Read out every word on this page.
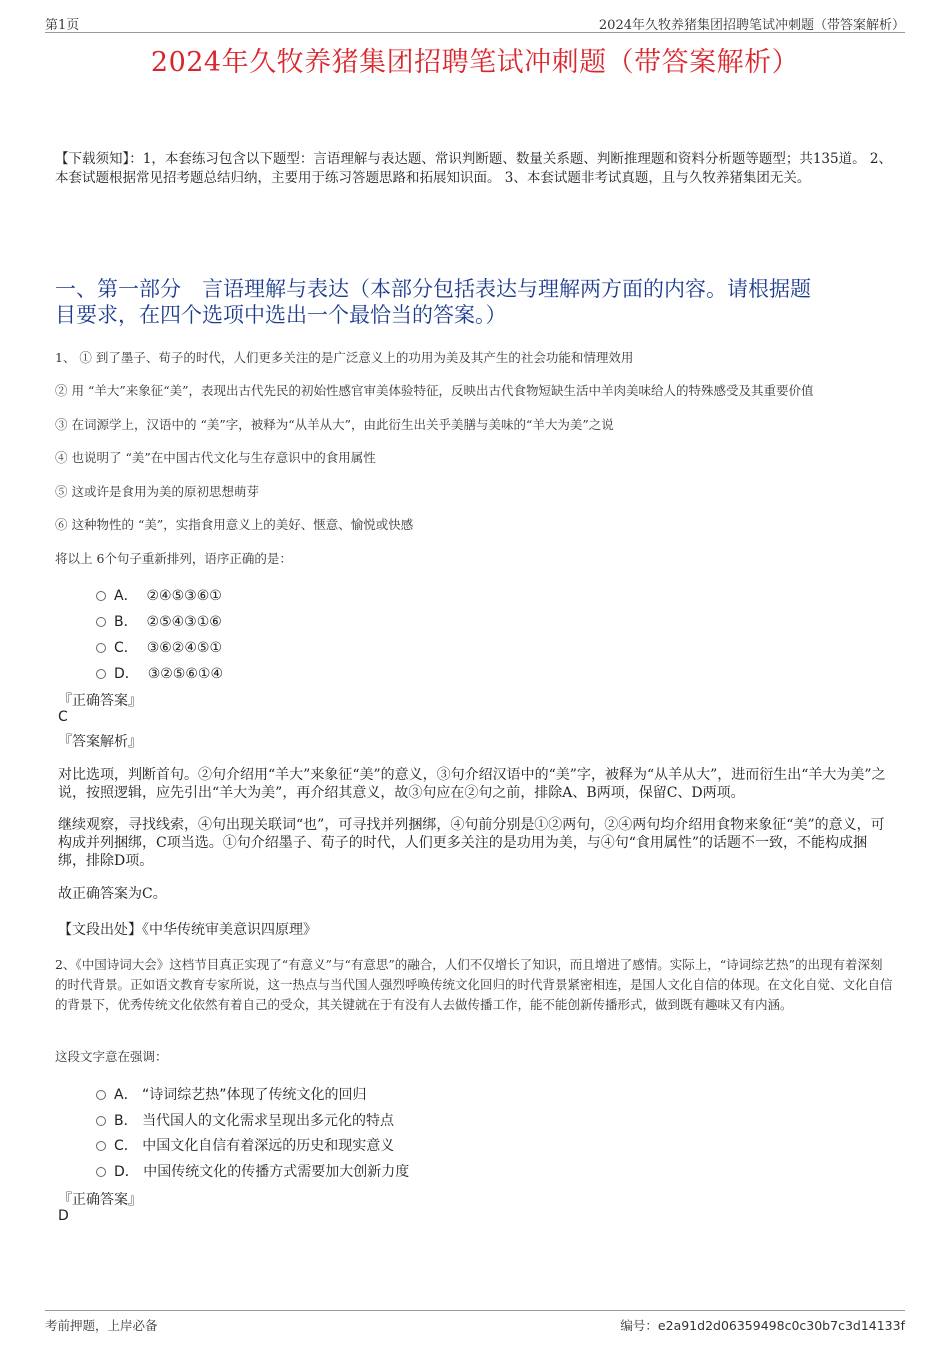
第1页	2024年久牧养猪集团招聘笔试冲刺题（带答案解析）
2024年久牧养猪集团招聘笔试冲刺题（带答案解析）
【下载须知】：1，本套练习包含以下题型：言语理解与表达题、常识判断题、数量关系题、判断推理题和资料分析题等题型；共135道。 2、本套试题根据常见招考题总结归纳，主要用于练习答题思路和拓展知识面。 3、本套试题非考试真题，且与久牧养猪集团无关。
一、第一部分　言语理解与表达（本部分包括表达与理解两方面的内容。请根据题
目要求，在四个选项中选出一个最恰当的答案。）
1、 ① 到了墨子、荀子的时代，人们更多关注的是广泛意义上的功用为美及其产生的社会功能和情理效用
② 用 “羊大”来象征“美”，表现出古代先民的初始性感官审美体验特征，反映出古代食物短缺生活中羊肉美味给人的特殊感受及其重要价值
③ 在词源学上，汉语中的 “美”字，被释为“从羊从大”，由此衍生出关乎美膳与美味的“羊大为美”之说
④ 也说明了 “美”在中国古代文化与生存意识中的食用属性
⑤ 这或许是食用为美的原初思想萌芽
⑥ 这种物性的 “美”，实指食用意义上的美好、惬意、愉悦或快感
将以上 6个句子重新排列，语序正确的是：
A． ②④⑤③⑥①
B． ②⑤④③①⑥
C． ③⑥②④⑤①
D． ③②⑤⑥①④
『正确答案』
C
『答案解析』
对比选项，判断首句。②句介绍用“羊大”来象征“美”的意义，③句介绍汉语中的“美”字，被释为“从羊从大”，进而衍生出“羊大为美”之说，按照逻辑，应先引出“羊大为美”，再介绍其意义，故③句应在②句之前，排除A、B两项，保留C、D两项。
继续观察，寻找线索，④句出现关联词“也”，可寻找并列捆绑，④句前分别是①②两句，②④两句均介绍用食物来象征“美”的意义，可构成并列捆绑，C项当选。①句介绍墨子、荀子的时代，人们更多关注的是功用为美，与④句“食用属性”的话题不一致，不能构成捆绑，排除D项。
故正确答案为C。
【文段出处】《中华传统审美意识四原理》
2、《中国诗词大会》这档节目真正实现了“有意义”与“有意思”的融合，人们不仅增长了知识，而且增进了感情。实际上，“诗词综艺热”的出现有着深刻的时代背景。正如语文教育专家所说，这一热点与当代国人强烈呼唤传统文化回归的时代背景紧密相连，是国人文化自信的体现。在文化自觉、文化自信的背景下，优秀传统文化依然有着自己的受众，其关键就在于有没有人去做传播工作，能不能创新传播形式，做到既有趣味又有内涵。
这段文字意在强调：
A． “诗词综艺热”体现了传统文化的回归
B． 当代国人的文化需求呈现出多元化的特点
C． 中国文化自信有着深远的历史和现实意义
D． 中国传统文化的传播方式需要加大创新力度
『正确答案』
D
考前押题，上岸必备	编号：e2a91d2d06359498c0c30b7c3d14133f
